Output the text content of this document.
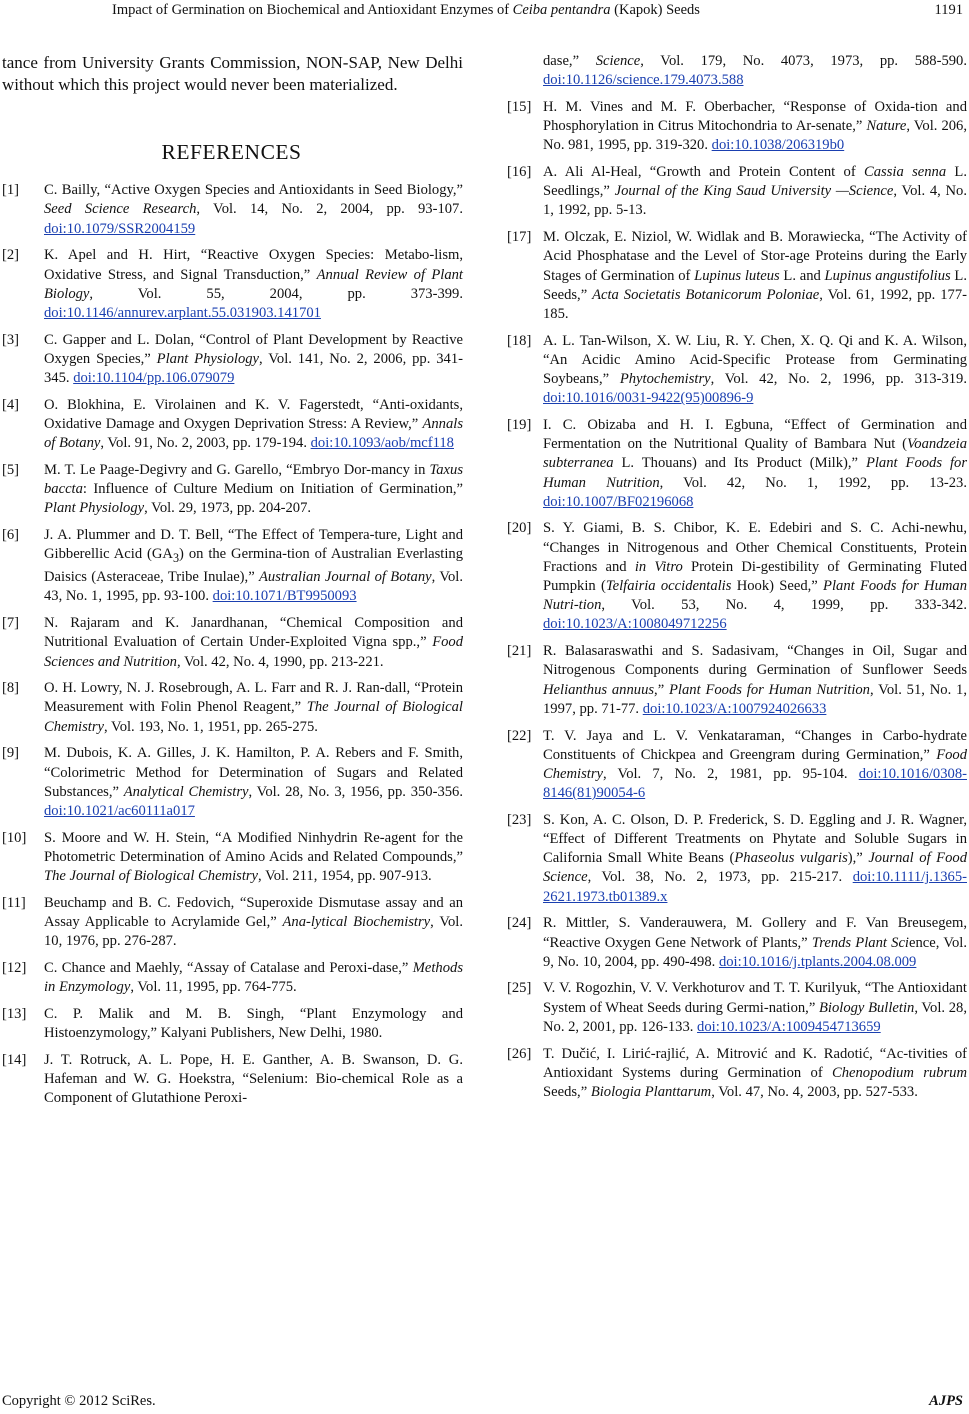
Impact of Germination on Biochemical and Antioxidant Enzymes of Ceiba pentandra (Kapok) Seeds	1191

tance from University Grants Commission, NON-SAP, New Delhi without which this project would never been materialized.

REFERENCES
[1]	C. Bailly, “Active Oxygen Species and Antioxidants in Seed Biology,” Seed Science Research, Vol. 14, No. 2, 2004, pp. 93-107. doi:10.1079/SSR2004159
[2]	K. Apel and H. Hirt, “Reactive Oxygen Species: Metabo-lism, Oxidative Stress, and Signal Transduction,” Annual Review of Plant Biology, Vol. 55, 2004, pp. 373-399. doi:10.1146/annurev.arplant.55.031903.141701
[3]	C. Gapper and L. Dolan, “Control of Plant Development by Reactive Oxygen Species,” Plant Physiology, Vol. 141, No. 2, 2006, pp. 341-345. doi:10.1104/pp.106.079079
[4]	O. Blokhina, E. Virolainen and K. V. Fagerstedt, “Anti-oxidants, Oxidative Damage and Oxygen Deprivation Stress: A Review,” Annals of Botany, Vol. 91, No. 2, 2003, pp. 179-194. doi:10.1093/aob/mcf118
[5]	M. T. Le Paage-Degivry and G. Garello, “Embryo Dor-mancy in Taxus baccta: Influence of Culture Medium on Initiation of Germination,” Plant Physiology, Vol. 29, 1973, pp. 204-207.
[6]	J. A. Plummer and D. T. Bell, “The Effect of Tempera-ture, Light and Gibberellic Acid $(GA_3)$ on the Germina-tion of Australian Everlasting Daisics (Asteraceae, Tribe Inulae),” Australian Journal of Botany, Vol. 43, No. 1, 1995, pp. 93-100. doi:10.1071/BT9950093
[7]	N. Rajaram and K. Janardhanan, “Chemical Composition and Nutritional Evaluation of Certain Under-Exploited Vigna spp.,” Food Sciences and Nutrition, Vol. 42, No. 4, 1990, pp. 213-221.
[8]	O. H. Lowry, N. J. Rosebrough, A. L. Farr and R. J. Ran-dall, “Protein Measurement with Folin Phenol Reagent,” The Journal of Biological Chemistry, Vol. 193, No. 1, 1951, pp. 265-275.
[9]	M. Dubois, K. A. Gilles, J. K. Hamilton, P. A. Rebers and F. Smith, “Colorimetric Method for Determination of Sugars and Related Substances,” Analytical Chemistry, Vol. 28, No. 3, 1956, pp. 350-356. doi:10.1021/ac60111a017
[10]	S. Moore and W. H. Stein, “A Modified Ninhydrin Re-agent for the Photometric Determination of Amino Acids and Related Compounds,” The Journal of Biological Chemistry, Vol. 211, 1954, pp. 907-913.
[11]	Beuchamp and B. C. Fedovich, “Superoxide Dismutase assay and an Assay Applicable to Acrylamide Gel,” Ana-lytical Biochemistry, Vol. 10, 1976, pp. 276-287.
[12]	C. Chance and Maehly, “Assay of Catalase and Peroxi-dase,” Methods in Enzymology, Vol. 11, 1995, pp. 764-775.
[13]	C. P. Malik and M. B. Singh, “Plant Enzymology and Histoenzymology,” Kalyani Publishers, New Delhi, 1980.
[14]	J. T. Rotruck, A. L. Pope, H. E. Ganther, A. B. Swanson, D. G. Hafeman and W. G. Hoekstra, “Selenium: Bio-chemical Role as a Component of Glutathione Peroxi-
dase,” Science, Vol. 179, No. 4073, 1973, pp. 588-590. doi:10.1126/science.179.4073.588
[15] H. M. Vines and M. F. Oberbacher, “Response of Oxida-tion and Phosphorylation in Citrus Mitochondria to Ar-senate,” Nature, Vol. 206, No. 981, 1995, pp. 319-320. doi:10.1038/206319b0
[16] A. Ali Al-Heal, “Growth and Protein Content of Cassia senna L. Seedlings,” Journal of the King Saud University —Science, Vol. 4, No. 1, 1992, pp. 5-13.
[17] M. Olczak, E. Niziol, W. Widlak and B. Morawiecka, “The Activity of Acid Phosphatase and the Level of Stor-age Proteins during the Early Stages of Germination of Lupinus luteus L. and Lupinus angustifolius L. Seeds,” Acta Societatis Botanicorum Poloniae, Vol. 61, 1992, pp. 177-185.
[18] A. L. Tan-Wilson, X. W. Liu, R. Y. Chen, X. Q. Qi and K. A. Wilson, “An Acidic Amino Acid-Specific Protease from Germinating Soybeans,” Phytochemistry, Vol. 42, No. 2, 1996, pp. 313-319. doi:10.1016/0031-9422(95)00896-9
[19] I. C. Obizaba and H. I. Egbuna, “Effect of Germination and Fermentation on the Nutritional Quality of Bambara Nut (Voandzeia subterranea L. Thouans) and Its Product (Milk),” Plant Foods for Human Nutrition, Vol. 42, No. 1, 1992, pp. 13-23. doi:10.1007/BF02196068
[20] S. Y. Giami, B. S. Chibor, K. E. Edebiri and S. C. Achi-newhu, “Changes in Nitrogenous and Other Chemical Constituents, Protein Fractions and in Vitro Protein Di-gestibility of Germinating Fluted Pumpkin (Telfairia occidentalis Hook) Seed,” Plant Foods for Human Nutri-tion, Vol. 53, No. 4, 1999, pp. 333-342. doi:10.1023/A:1008049712256
[21] R. Balasaraswathi and S. Sadasivam, “Changes in Oil, Sugar and Nitrogenous Components during Germination of Sunflower Seeds Helianthus annuus,” Plant Foods for Human Nutrition, Vol. 51, No. 1, 1997, pp. 71-77. doi:10.1023/A:1007924026633
[22] T. V. Jaya and L. V. Venkataraman, “Changes in Carbo-hydrate Constituents of Chickpea and Greengram during Germination,” Food Chemistry, Vol. 7, No. 2, 1981, pp. 95-104. doi:10.1016/0308-8146(81)90054-6
[23] S. Kon, A. C. Olson, D. P. Frederick, S. D. Eggling and J. R. Wagner, “Effect of Different Treatments on Phytate and Soluble Sugars in California Small White Beans (Phaseolus vulgaris),” Journal of Food Science, Vol. 38, No. 2, 1973, pp. 215-217. doi:10.1111/j.1365-2621.1973.tb01389.x
[24] R. Mittler, S. Vanderauwera, M. Gollery and F. Van Breusegem, “Reactive Oxygen Gene Network of Plants,” Trends Plant Science, Vol. 9, No. 10, 2004, pp. 490-498. doi:10.1016/j.tplants.2004.08.009
[25] V. V. Rogozhin, V. V. Verkhoturov and T. T. Kurilyuk, “The Antioxidant System of Wheat Seeds during Germi-nation,” Biology Bulletin, Vol. 28, No. 2, 2001, pp. 126-133. doi:10.1023/A:1009454713659
[26] T. Dučić, I. Lirić-rajlić, A. Mitrović and K. Radotić, “Ac-tivities of Antioxidant Systems during Germination of Chenopodium rubrum Seeds,” Biologia Planttarum, Vol. 47, No. 4, 2003, pp. 527-533.
Copyright © 2012 SciRes.	AJPS
